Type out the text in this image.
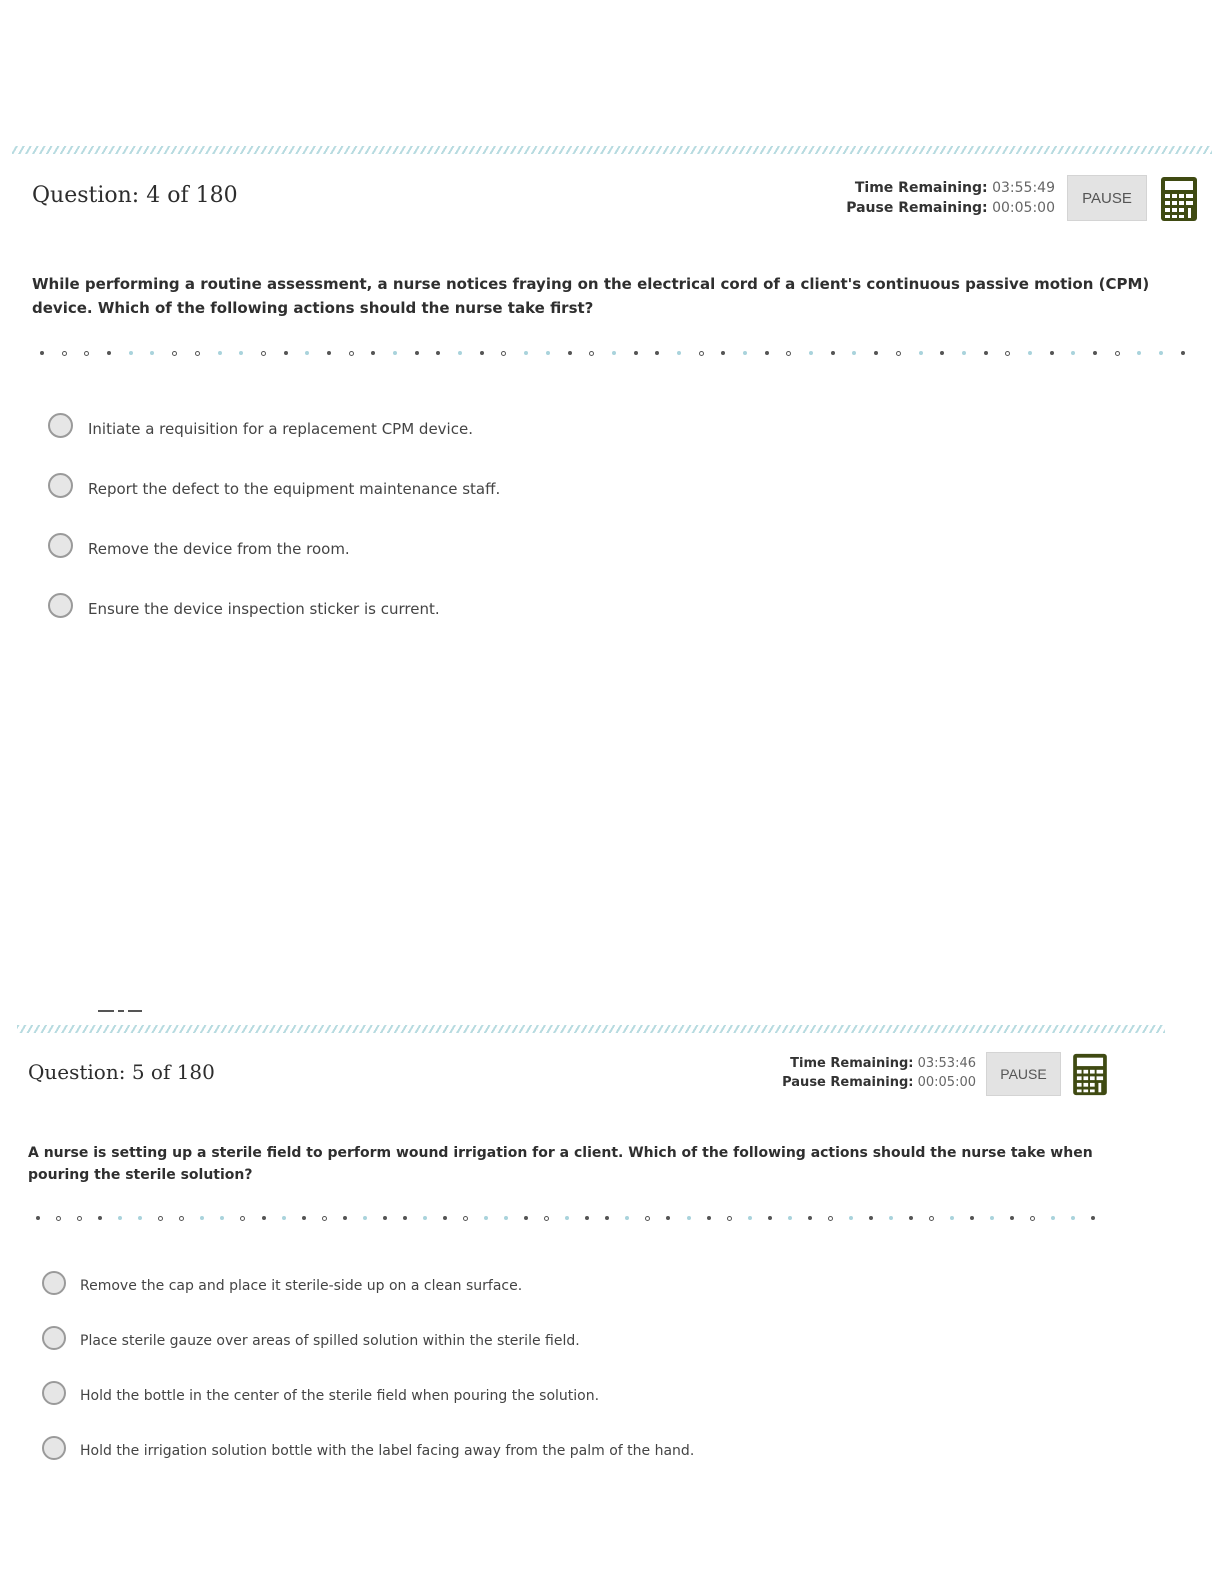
Question: 4 of 180	Time Remaining: 03:55:49
Pause Remaining: 00:05:00
PAUSE

While performing a routine assessment, a nurse notices fraying on the electrical cord of a client's continuous passive motion (CPM) device. Which of the following actions should the nurse take first?

Initiate a requisition for a replacement CPM device.
Report the defect to the equipment maintenance staff.
Remove the device from the room.
Ensure the device inspection sticker is current.
Question: 5 of 180	Time Remaining: 03:53:46
Pause Remaining: 00:05:00
PAUSE

A nurse is setting up a sterile field to perform wound irrigation for a client. Which of the following actions should the nurse take when pouring the sterile solution?

Remove the cap and place it sterile-side up on a clean surface.
Place sterile gauze over areas of spilled solution within the sterile field.
Hold the bottle in the center of the sterile field when pouring the solution.
Hold the irrigation solution bottle with the label facing away from the palm of the hand.
